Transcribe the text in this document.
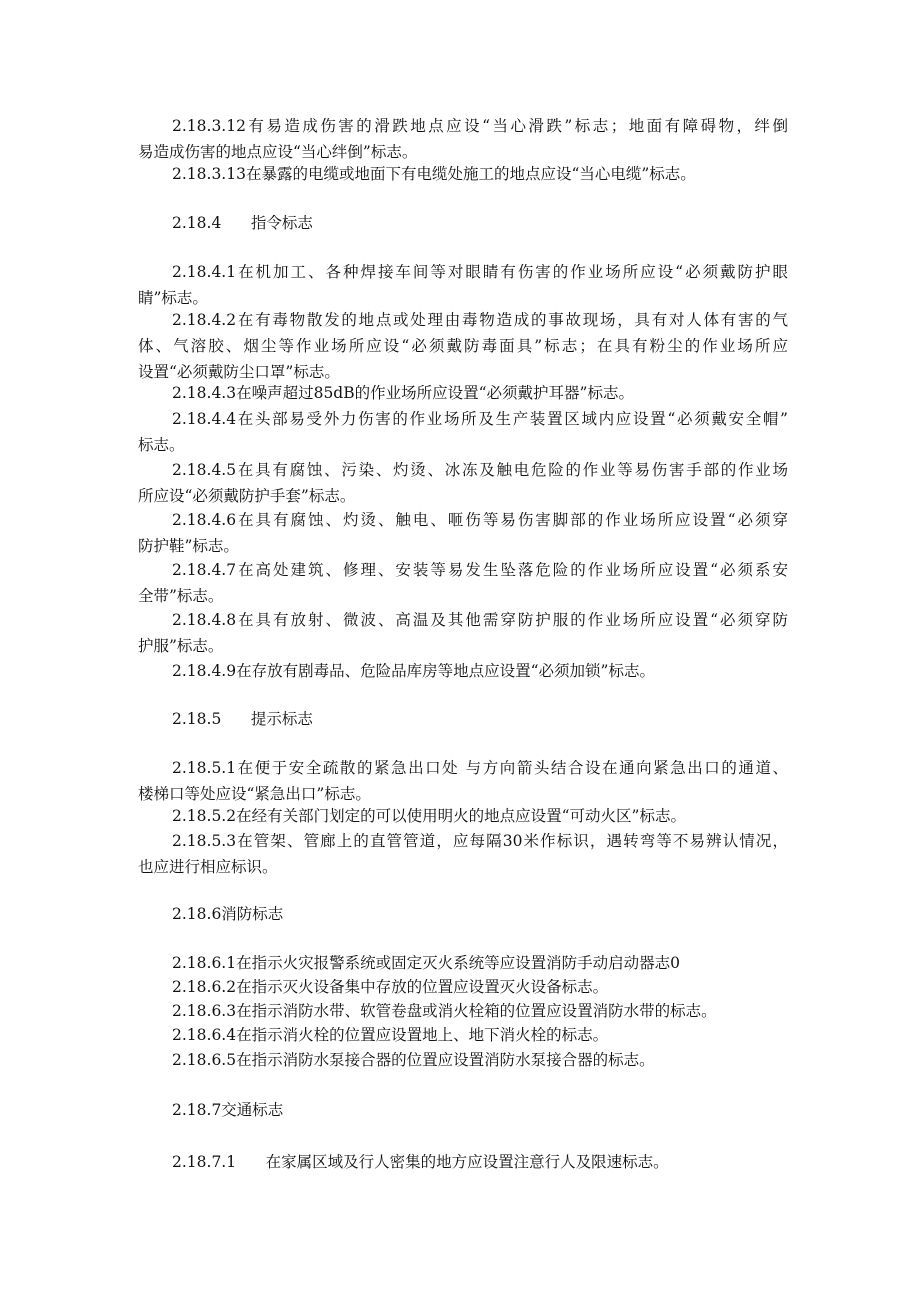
2.18.3.12有易造成伤害的滑跌地点应设“当心滑跌”标志；地面有障碍物，绊倒
易造成伤害的地点应设“当心绊倒”标志。
2.18.3.13在暴露的电缆或地面下有电缆处施工的地点应设“当心电缆”标志。
2.18.4      指令标志
2.18.4.1在机加工、各种焊接车间等对眼睛有伤害的作业场所应设“必须戴防护眼
睛”标志。
2.18.4.2在有毒物散发的地点或处理由毒物造成的事故现场，具有对人体有害的气
体、气溶胶、烟尘等作业场所应设“必须戴防毒面具”标志；在具有粉尘的作业场所应
设置“必须戴防尘口罩”标志。
2.18.4.3在噪声超过85dB的作业场所应设置“必须戴护耳器”标志。
2.18.4.4在头部易受外力伤害的作业场所及生产装置区域内应设置“必须戴安全帽”
标志。
2.18.4.5在具有腐蚀、污染、灼烫、冰冻及触电危险的作业等易伤害手部的作业场
所应设“必须戴防护手套”标志。
2.18.4.6在具有腐蚀、灼烫、触电、咂伤等易伤害脚部的作业场所应设置“必须穿
防护鞋”标志。
2.18.4.7在高处建筑、修理、安装等易发生坠落危险的作业场所应设置“必须系安
全带”标志。
2.18.4.8在具有放射、微波、高温及其他需穿防护服的作业场所应设置“必须穿防
护服”标志。
2.18.4.9在存放有剧毒品、危险品库房等地点应设置“必须加锁”标志。
2.18.5      提示标志
2.18.5.1在便于安全疏散的紧急出口处 与方向箭头结合设在通向紧急出口的通道、
楼梯口等处应设“紧急出口”标志。
2.18.5.2在经有关部门划定的可以使用明火的地点应设置“可动火区”标志。
2.18.5.3在管架、管廊上的直管管道，应每隔30米作标识，遇转弯等不易辨认情况，
也应进行相应标识。
2.18.6消防标志
2.18.6.1在指示火灾报警系统或固定灭火系统等应设置消防手动启动器志0
2.18.6.2在指示灭火设备集中存放的位置应设置灭火设备标志。
2.18.6.3在指示消防水带、软管卷盘或消火栓箱的位置应设置消防水带的标志。
2.18.6.4在指示消火栓的位置应设置地上、地下消火栓的标志。
2.18.6.5在指示消防水泵接合器的位置应设置消防水泵接合器的标志。
2.18.7交通标志
2.18.7.1      在家属区域及行人密集的地方应设置注意行人及限速标志。
